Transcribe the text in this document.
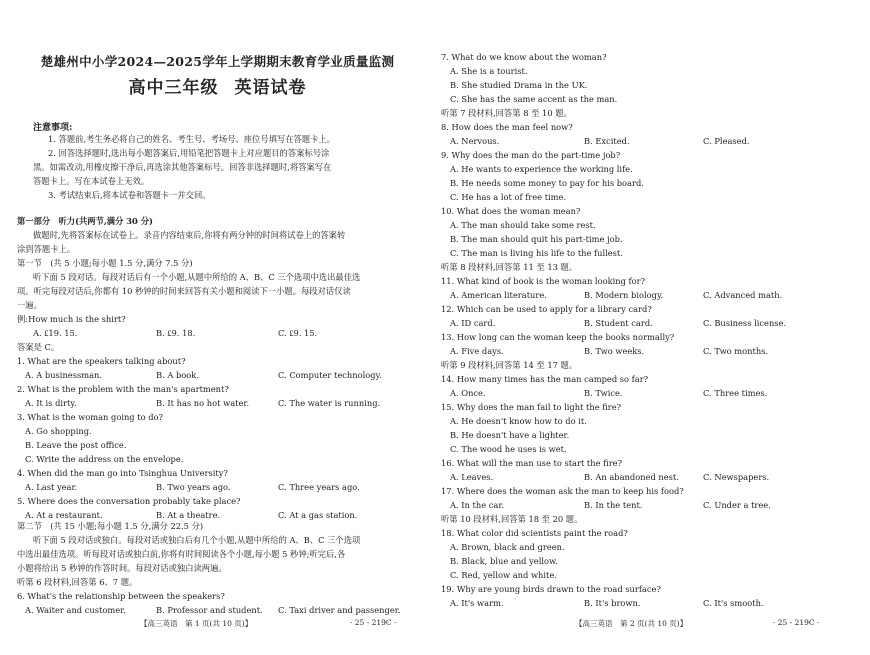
楚雄州中小学2024—2025学年上学期期末教育学业质量监测
高中三年级 英语试卷
注意事项:
1. 答题前,考生务必将自己的姓名、考生号、考场号、座位号填写在答题卡上。
2. 回答选择题时,选出每小题答案后,用铅笔把答题卡上对应题目的答案标号涂
黑。如需改动,用橡皮擦干净后,再选涂其他答案标号。回答非选择题时,将答案写在
答题卡上。写在本试卷上无效。
3. 考试结束后,将本试卷和答题卡一并交回。
第一部分　听力(共两节,满分 30 分)
做题时,先将答案标在试卷上。录音内容结束后,你将有两分钟的时间将试卷上的答案转
涂到答题卡上。
第一节　(共 5 小题;每小题 1.5 分,满分 7.5 分)
听下面 5 段对话。每段对话后有一个小题,从题中所给的 A、B、C 三个选项中选出最佳选
项。听完每段对话后,你都有 10 秒钟的时间来回答有关小题和阅读下一小题。每段对话仅读
一遍。
例:How much is the shirt?
A. ₤19. 15.	B. ₤9. 18.	C. ₤9. 15.
答案是 C。
1. What are the speakers talking about?
A. A businessman.	B. A book.	C. Computer technology.
2. What is the problem with the man's apartment?
A. It is dirty.	B. It has no hot water.	C. The water is running.
3. What is the woman going to do?
A. Go shopping.
B. Leave the post office.
C. Write the address on the envelope.
4. When did the man go into Tsinghua University?
A. Last year.	B. Two years ago.	C. Three years ago.
5. Where does the conversation probably take place?
A. At a restaurant.	B. At a theatre.	C. At a gas station.
第二节　(共 15 小题;每小题 1.5 分,满分 22.5 分)
听下面 5 段对话或独白。每段对话或独白后有几个小题,从题中所给的 A、B、C 三个选项
中选出最佳选项。听每段对话或独白前,你将有时间阅读各个小题,每小题 5 秒钟;听完后,各
小题将给出 5 秒钟的作答时间。每段对话或独白读两遍。
听第 6 段材料,回答第 6、7 题。
6. What's the relationship between the speakers?
A. Waiter and customer.	B. Professor and student. C. Taxi driver and passenger.
【高三英语　第 1 页(共 10 页)】	· 25 - 219C ·
7. What do we know about the woman?
A. She is a tourist.
B. She studied Drama in the UK.
C. She has the same accent as the man.
听第 7 段材料,回答第 8 至 10 题。
8. How does the man feel now?
A. Nervous.	B. Excited.	C. Pleased.
9. Why does the man do the part-time job?
A. He wants to experience the working life.
B. He needs some money to pay for his board.
C. He has a lot of free time.
10. What does the woman mean?
A. The man should take some rest.
B. The man should quit his part-time job.
C. The man is living his life to the fullest.
听第 8 段材料,回答第 11 至 13 题。
11. What kind of book is the woman looking for?
A. American literature.	B. Modern biology.	C. Advanced math.
12. Which can be used to apply for a library card?
A. ID card.	B. Student card.	C. Business license.
13. How long can the woman keep the books normally?
A. Five days.	B. Two weeks.	C. Two months.
听第 9 段材料,回答第 14 至 17 题。
14. How many times has the man camped so far?
A. Once.	B. Twice.	C. Three times.
15. Why does the man fail to light the fire?
A. He doesn't know how to do it.
B. He doesn't have a lighter.
C. The wood he uses is wet.
16. What will the man use to start the fire?
A. Leaves.	B. An abandoned nest.	C. Newspapers.
17. Where does the woman ask the man to keep his food?
A. In the car.	B. In the tent.	C. Under a tree.
听第 10 段材料,回答第 18 至 20 题。
18. What color did scientists paint the road?
A. Brown, black and green.
B. Black, blue and yellow.
C. Red, yellow and white.
19. Why are young birds drawn to the road surface?
A. It's warm.	B. It's brown.	C. It's smooth.
【高三英语　第 2 页(共 10 页)】	· 25 - 219C ·
